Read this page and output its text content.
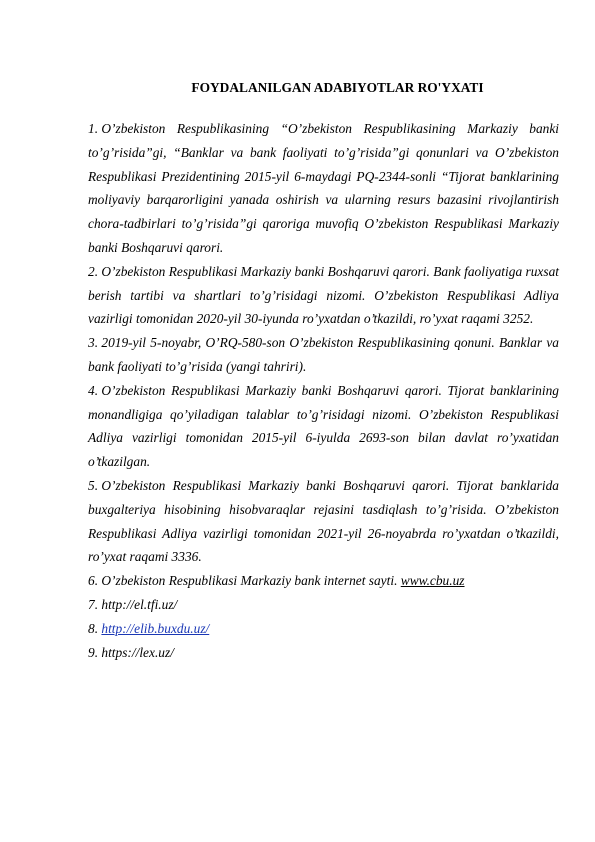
FOYDALANILGAN ADABIYOTLAR RO'YXATI
1. O’zbekiston Respublikasining “O’zbekiston Respublikasining Markaziy banki to’g’risida”gi, “Banklar va bank faoliyati to’g’risida”gi qonunlari va O’zbekiston Respublikasi Prezidentining 2015-yil 6-maydagi PQ-2344-sonli “Tijorat banklarining moliyaviy barqarorligini yanada oshirish va ularning resurs bazasini rivojlantirish chora-tadbirlari to’g’risida”gi qaroriga muvofiq O’zbekiston Respublikasi Markaziy banki Boshqaruvi qarori.
2. O’zbekiston Respublikasi Markaziy banki Boshqaruvi qarori. Bank faoliyatiga ruxsat berish tartibi va shartlari to’g’risidagi nizomi. O’zbekiston Respublikasi Adliya vazirligi tomonidan 2020-yil 30-iyunda ro’yxatdan o’tkazildi, ro’yxat raqami 3252.
3. 2019-yil 5-noyabr, O’RQ-580-son O’zbekiston Respublikasining qonuni. Banklar va bank faoliyati to’g’risida (yangi tahriri).
4. O’zbekiston Respublikasi Markaziy banki Boshqaruvi qarori. Tijorat banklarining monandligiga qo’yiladigan talablar to’g’risidagi nizomi. O’zbekiston Respublikasi Adliya vazirligi tomonidan 2015-yil 6-iyulda 2693-son bilan davlat ro’yxatidan o’tkazilgan.
5. O’zbekiston Respublikasi Markaziy banki Boshqaruvi qarori. Tijorat banklarida buxgalteriya hisobining hisobvaraqlar rejasini tasdiqlash to’g’risida. O’zbekiston Respublikasi Adliya vazirligi tomonidan 2021-yil 26-noyabrda ro’yxatdan o’tkazildi, ro’yxat raqami 3336.
6. O’zbekiston Respublikasi Markaziy bank internet sayti. www.cbu.uz
7. http://el.tfi.uz/
8. http://elib.buxdu.uz/
9. https://lex.uz/
